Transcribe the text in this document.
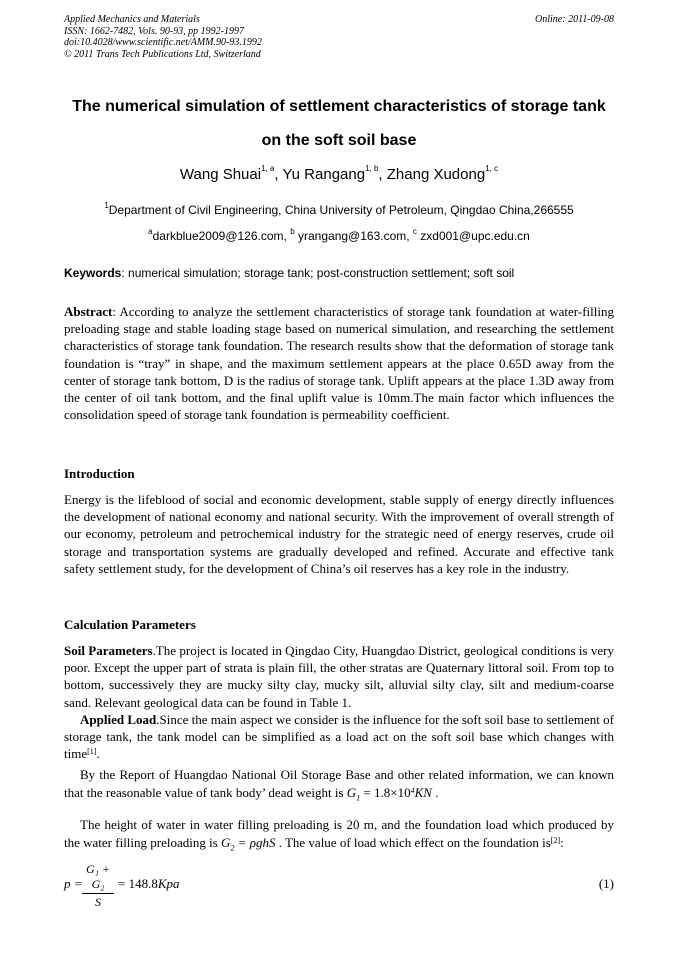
Applied Mechanics and Materials
ISSN: 1662-7482, Vols. 90-93, pp 1992-1997
doi:10.4028/www.scientific.net/AMM.90-93.1992
© 2011 Trans Tech Publications Ltd, Switzerland
Online: 2011-09-08
The numerical simulation of settlement characteristics of storage tank
on the soft soil base
Wang Shuai$^{1, a}$, Yu Rangang$^{1, b}$, Zhang Xudong$^{1, c}$
$^1$Department of Civil Engineering, China University of Petroleum, Qingdao China,266555
$^a$darkblue2009@126.com, $^b$ yrangang@163.com, $^c$ zxd001@upc.edu.cn
Keywords: numerical simulation; storage tank; post-construction settlement; soft soil
Abstract: According to analyze the settlement characteristics of storage tank foundation at water-filling preloading stage and stable loading stage based on numerical simulation, and researching the settlement characteristics of storage tank foundation. The research results show that the deformation of storage tank foundation is “tray” in shape, and the maximum settlement appears at the place 0.65D away from the center of storage tank bottom, D is the radius of storage tank. Uplift appears at the place 1.3D away from the center of oil tank bottom, and the final uplift value is 10mm.The main factor which influences the consolidation speed of storage tank foundation is permeability coefficient.
Introduction
Energy is the lifeblood of social and economic development, stable supply of energy directly influences the development of national economy and national security. With the improvement of overall strength of our economy, petroleum and petrochemical industry for the strategic need of energy reserves, crude oil storage and transportation systems are gradually developed and refined. Accurate and effective tank safety settlement study, for the development of China’s oil reserves has a key role in the industry.
Calculation Parameters
Soil Parameters.The project is located in Qingdao City, Huangdao District, geological conditions is very poor. Except the upper part of strata is plain fill, the other stratas are Quaternary littoral soil. From top to bottom, successively they are mucky silty clay, mucky silt, alluvial silty clay, silt and medium-coarse sand. Relevant geological data can be found in Table 1.
Applied Load.Since the main aspect we consider is the influence for the soft soil base to settlement of storage tank, the tank model can be simplified as a load act on the soft soil base which changes with time[1].
By the Report of Huangdao National Oil Storage Base and other related information, we can known that the reasonable value of tank body’ dead weight is $G_1 = 1.8\times 10^4KN$ .
The height of water in water filling preloading is 20 m, and the foundation load which produced by the water filling preloading is $G_2 = \rho ghS$ . The value of load which effect on the foundation is[2]:
$p = \frac{\text{G₁ + G₂}}{S} = 148.8Kpa$	(1)
